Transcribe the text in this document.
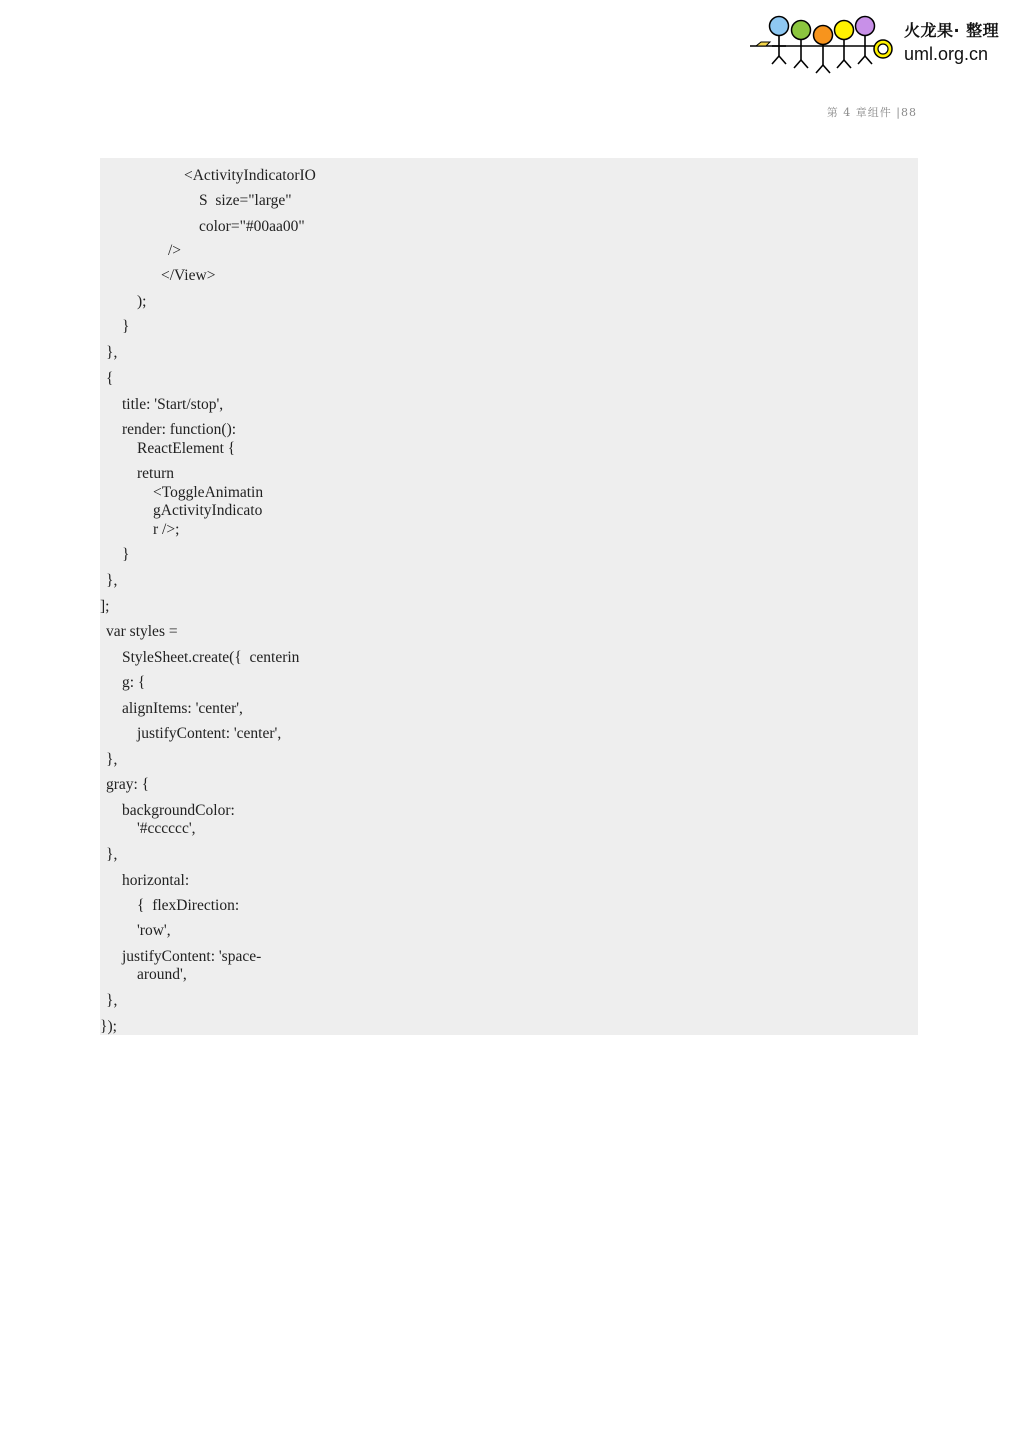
火龙果· 整理
uml.org.cn
第 4 章组件 |88
<ActivityIndicatorIO
S  size="large"
color="#00aa00"
/>
</View>
);
}
},
{
title: 'Start/stop',
render: function():
ReactElement {
return
<ToggleAnimatin
gActivityIndicato
r />;
}
},
];
var styles =
StyleSheet.create({  centerin
g: {
alignItems: 'center',
justifyContent: 'center',
},
gray: {
backgroundColor:
'#cccccc',
},
horizontal:
{  flexDirection:
'row',
justifyContent: 'space-
around',
},
});
